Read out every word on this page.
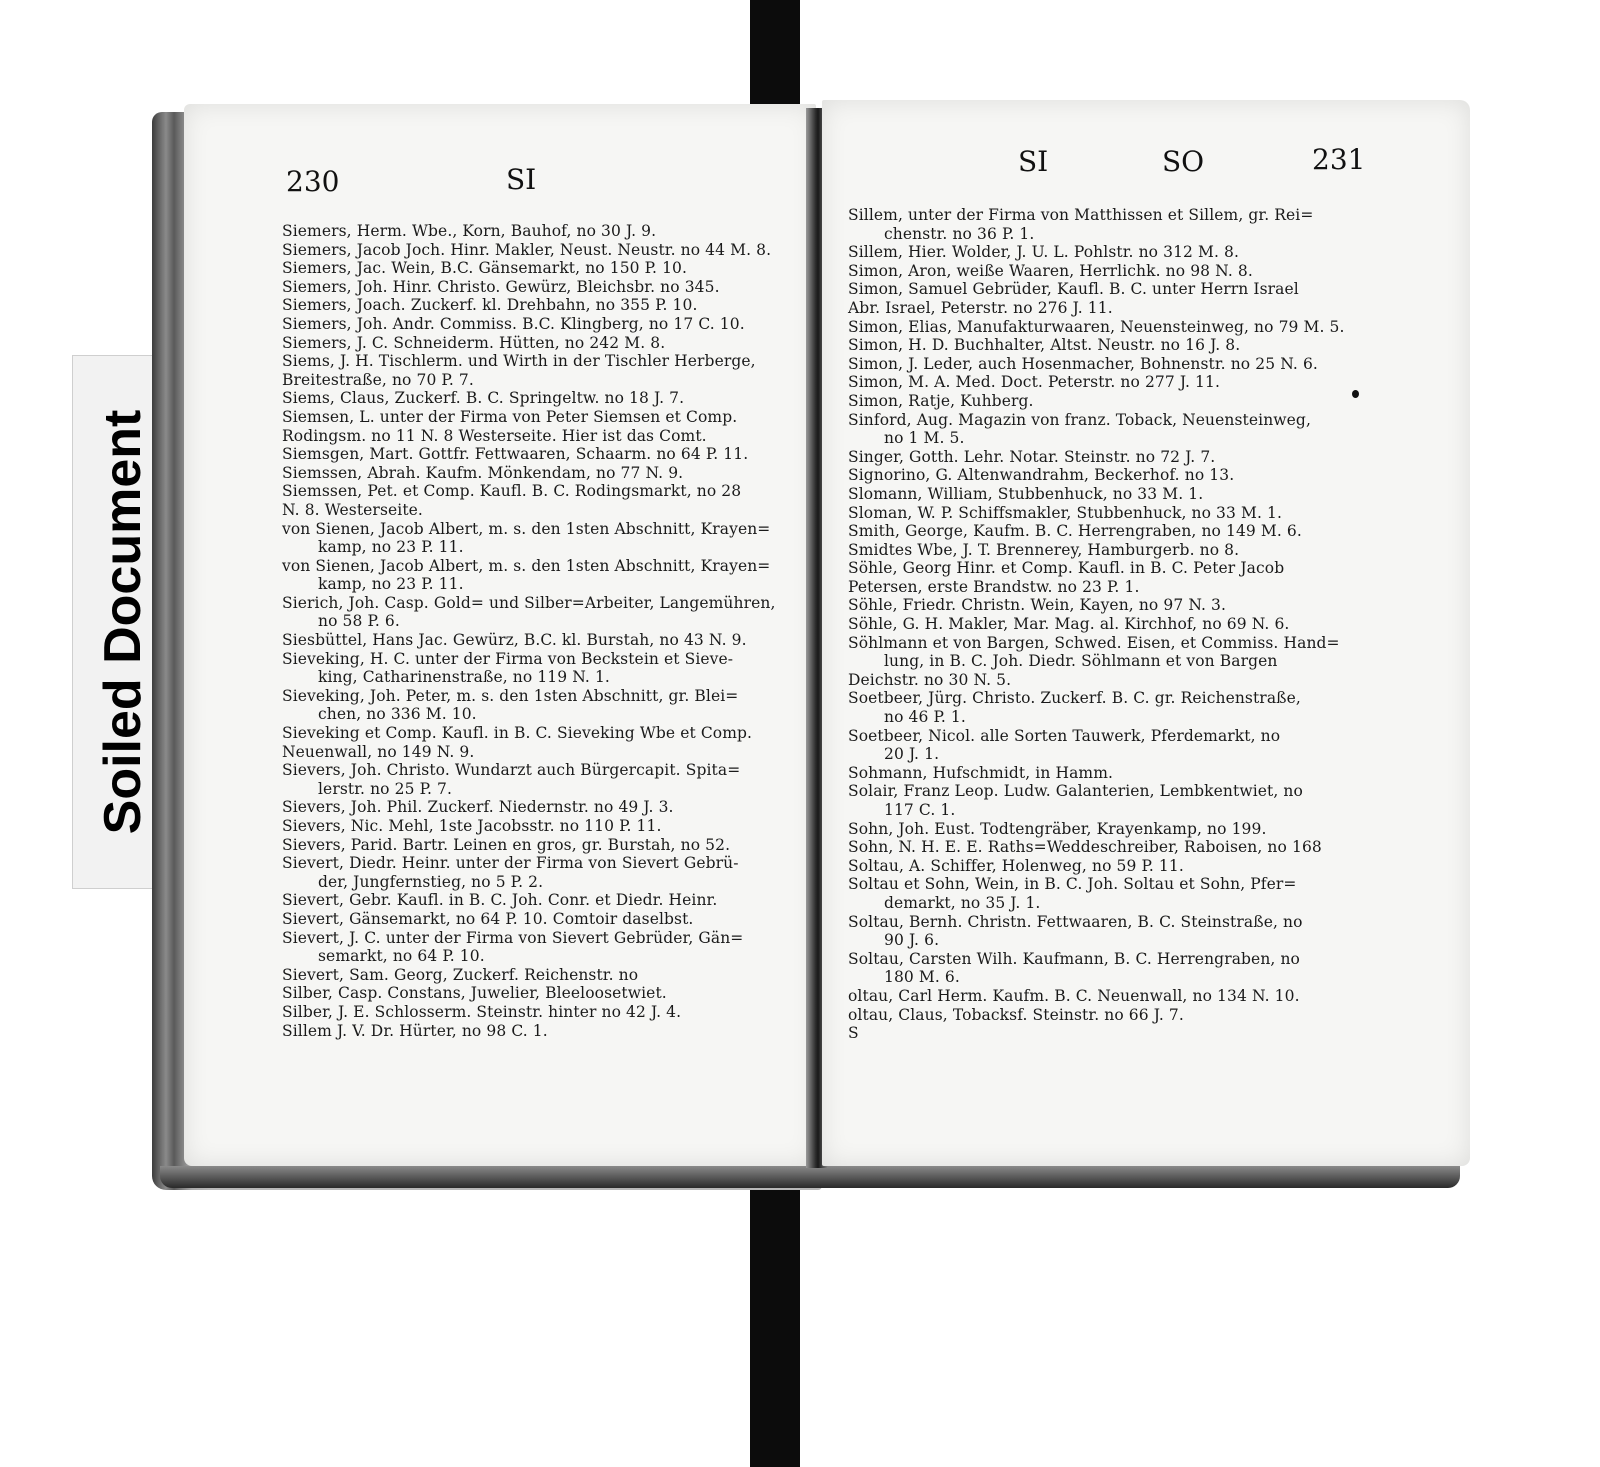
Soiled Document
230	SI
Siemers, Herm. Wbe., Korn, Bauhof, no 30 J. 9.
Siemers, Jacob Joch. Hinr. Makler, Neust. Neustr. no 44 M. 8.
Siemers, Jac. Wein, B.C. Gänsemarkt, no 150 P. 10.
Siemers, Joh. Hinr. Christo. Gewürz, Bleichsbr. no 345.
Siemers, Joach. Zuckerf. kl. Drehbahn, no 355 P. 10.
Siemers, Joh. Andr. Commiss. B.C. Klingberg, no 17 C. 10.
Siemers, J. C. Schneiderm. Hütten, no 242 M. 8.
Siems, J. H. Tischlerm. und Wirth in der Tischler Herberge,
Breitestraße, no 70 P. 7.
Siems, Claus, Zuckerf. B. C. Springeltw. no 18 J. 7.
Siemsen, L. unter der Firma von Peter Siemsen et Comp.
Rodingsm. no 11 N. 8 Westerseite. Hier ist das Comt.
Siemsgen, Mart. Gottfr. Fettwaaren, Schaarm. no 64 P. 11.
Siemssen, Abrah. Kaufm. Mönkendam, no 77 N. 9.
Siemssen, Pet. et Comp. Kaufl. B. C. Rodingsmarkt, no 28
N. 8. Westerseite.
von Sienen, Jacob Albert, m. s. den 1sten Abschnitt, Krayen=
kamp, no 23 P. 11.
von Sienen, Jacob Albert, m. s. den 1sten Abschnitt, Krayen=
kamp, no 23 P. 11.
Sierich, Joh. Casp. Gold= und Silber=Arbeiter, Langemühren,
no 58 P. 6.
Siesbüttel, Hans Jac. Gewürz, B.C. kl. Burstah, no 43 N. 9.
Sieveking, H. C. unter der Firma von Beckstein et Sieve-
king, Catharinenstraße, no 119 N. 1.
Sieveking, Joh. Peter, m. s. den 1sten Abschnitt, gr. Blei=
chen, no 336 M. 10.
Sieveking et Comp. Kaufl. in B. C. Sieveking Wbe et Comp.
Neuenwall, no 149 N. 9.
Sievers, Joh. Christo. Wundarzt auch Bürgercapit. Spita=
lerstr. no 25 P. 7.
Sievers, Joh. Phil. Zuckerf. Niedernstr. no 49 J. 3.
Sievers, Nic. Mehl, 1ste Jacobsstr. no 110 P. 11.
Sievers, Parid. Bartr. Leinen en gros, gr. Burstah, no 52.
Sievert, Diedr. Heinr. unter der Firma von Sievert Gebrü-
der, Jungfernstieg, no 5 P. 2.
Sievert, Gebr. Kaufl. in B. C. Joh. Conr. et Diedr. Heinr.
Sievert, Gänsemarkt, no 64 P. 10. Comtoir daselbst.
Sievert, J. C. unter der Firma von Sievert Gebrüder, Gän=
semarkt, no 64 P. 10.
Sievert, Sam. Georg, Zuckerf. Reichenstr. no
Silber, Casp. Constans, Juwelier, Bleeloosetwiet.
Silber, J. E. Schlosserm. Steinstr. hinter no 42 J. 4.
Sillem J. V. Dr. Hürter, no 98 C. 1.
SI	SO	231
Sillem, unter der Firma von Matthissen et Sillem, gr. Rei=
chenstr. no 36 P. 1.
Sillem, Hier. Wolder, J. U. L. Pohlstr. no 312 M. 8.
Simon, Aron, weiße Waaren, Herrlichk. no 98 N. 8.
Simon, Samuel Gebrüder, Kaufl. B. C. unter Herrn Israel
Abr. Israel, Peterstr. no 276 J. 11.
Simon, Elias, Manufakturwaaren, Neuensteinweg, no 79 M. 5.
Simon, H. D. Buchhalter, Altst. Neustr. no 16 J. 8.
Simon, J. Leder, auch Hosenmacher, Bohnenstr. no 25 N. 6.
Simon, M. A. Med. Doct. Peterstr. no 277 J. 11.
Simon, Ratje, Kuhberg.
Sinford, Aug. Magazin von franz. Toback, Neuensteinweg,
no 1 M. 5.
Singer, Gotth. Lehr. Notar. Steinstr. no 72 J. 7.
Signorino, G. Altenwandrahm, Beckerhof. no 13.
Slomann, William, Stubbenhuck, no 33 M. 1.
Sloman, W. P. Schiffsmakler, Stubbenhuck, no 33 M. 1.
Smith, George, Kaufm. B. C. Herrengraben, no 149 M. 6.
Smidtes Wbe, J. T. Brennerey, Hamburgerb. no 8.
Söhle, Georg Hinr. et Comp. Kaufl. in B. C. Peter Jacob
Petersen, erste Brandstw. no 23 P. 1.
Söhle, Friedr. Christn. Wein, Kayen, no 97 N. 3.
Söhle, G. H. Makler, Mar. Mag. al. Kirchhof, no 69 N. 6.
Söhlmann et von Bargen, Schwed. Eisen, et Commiss. Hand=
lung, in B. C. Joh. Diedr. Söhlmann et von Bargen
Deichstr. no 30 N. 5.
Soetbeer, Jürg. Christo. Zuckerf. B. C. gr. Reichenstraße,
no 46 P. 1.
Soetbeer, Nicol. alle Sorten Tauwerk, Pferdemarkt, no
20 J. 1.
Sohmann, Hufschmidt, in Hamm.
Solair, Franz Leop. Ludw. Galanterien, Lembkentwiet, no
117 C. 1.
Sohn, Joh. Eust. Todtengräber, Krayenkamp, no 199.
Sohn, N. H. E. E. Raths=Weddeschreiber, Raboisen, no 168
Soltau, A. Schiffer, Holenweg, no 59 P. 11.
Soltau et Sohn, Wein, in B. C. Joh. Soltau et Sohn, Pfer=
demarkt, no 35 J. 1.
Soltau, Bernh. Christn. Fettwaaren, B. C. Steinstraße, no
90 J. 6.
Soltau, Carsten Wilh. Kaufmann, B. C. Herrengraben, no
180 M. 6.
oltau, Carl Herm. Kaufm. B. C. Neuenwall, no 134 N. 10.
oltau, Claus, Tobacksf. Steinstr. no 66 J. 7.
S
